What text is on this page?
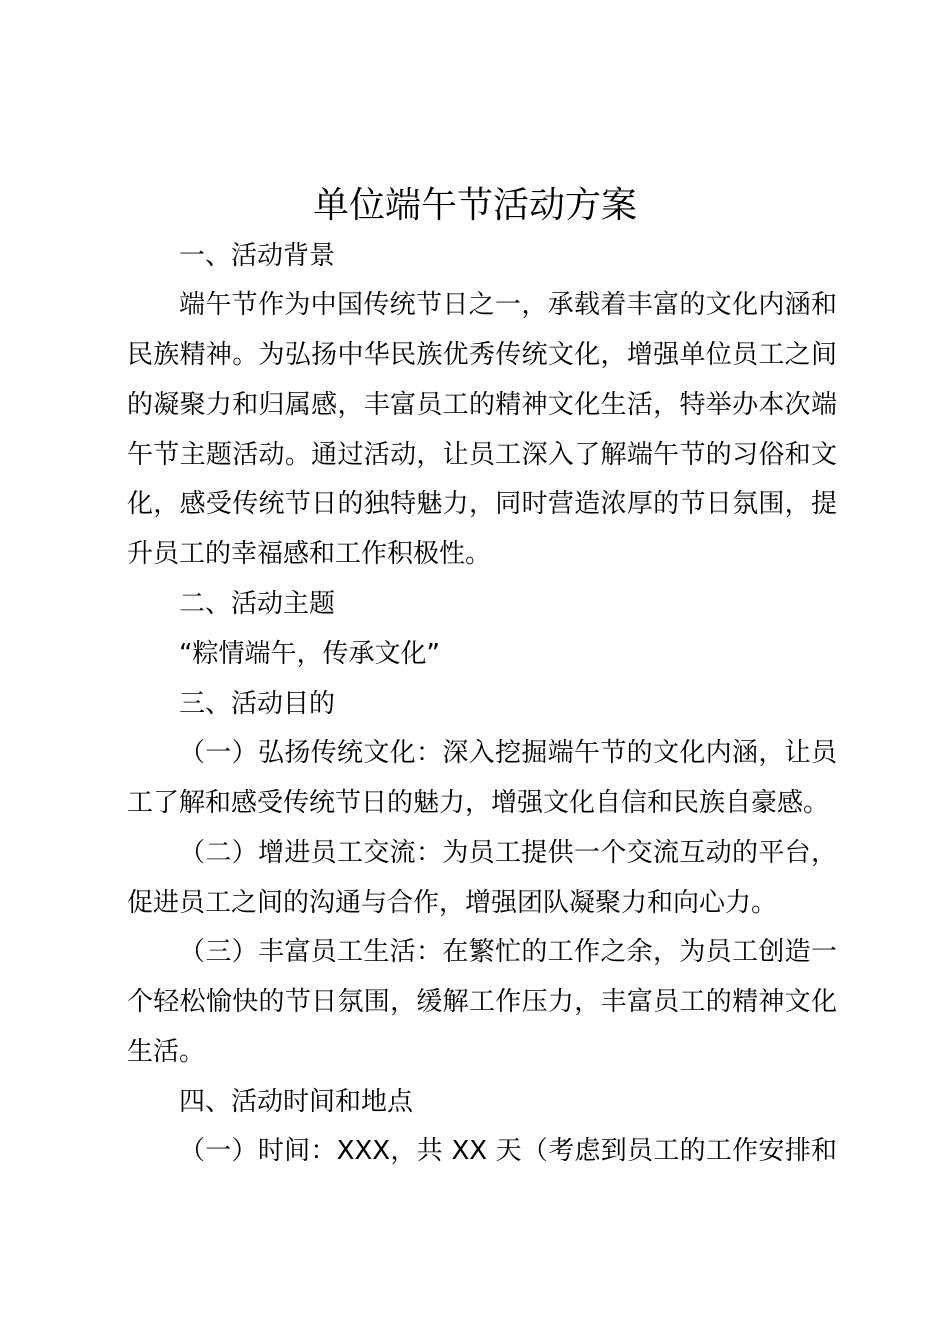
单位端午节活动方案
一、活动背景
端午节作为中国传统节日之一，承载着丰富的文化内涵和
民族精神。为弘扬中华民族优秀传统文化，增强单位员工之间
的凝聚力和归属感，丰富员工的精神文化生活，特举办本次端
午节主题活动。通过活动，让员工深入了解端午节的习俗和文
化，感受传统节日的独特魅力，同时营造浓厚的节日氛围，提
升员工的幸福感和工作积极性。
二、活动主题
“粽情端午，传承文化”
三、活动目的
（一）弘扬传统文化：深入挖掘端午节的文化内涵，让员
工了解和感受传统节日的魅力，增强文化自信和民族自豪感。
（二）增进员工交流：为员工提供一个交流互动的平台，
促进员工之间的沟通与合作，增强团队凝聚力和向心力。
（三）丰富员工生活：在繁忙的工作之余，为员工创造一
个轻松愉快的节日氛围，缓解工作压力，丰富员工的精神文化
生活。
四、活动时间和地点
（一）时间：XXX，共 XX 天（考虑到员工的工作安排和
